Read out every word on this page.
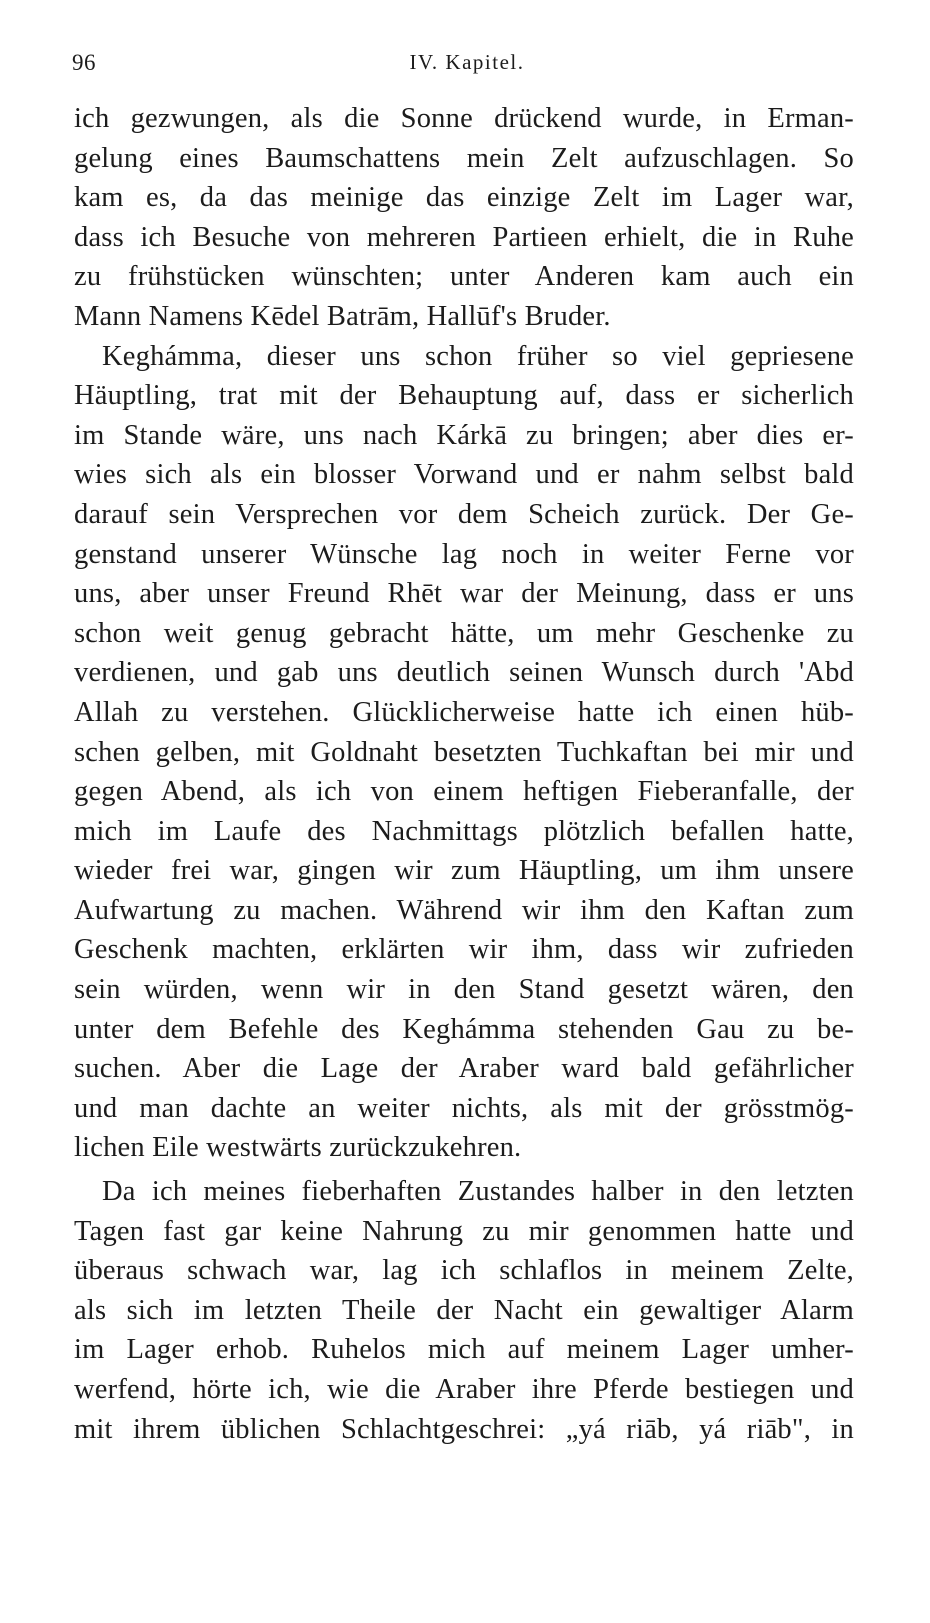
96	IV. Kapitel.
ich gezwungen, als die Sonne drückend wurde, in Erman-
gelung eines Baumschattens mein Zelt aufzuschlagen. So
kam es, da das meinige das einzige Zelt im Lager war,
dass ich Besuche von mehreren Partieen erhielt, die in Ruhe
zu frühstücken wünschten; unter Anderen kam auch ein
Mann Namens Kēdel Batrām, Hallūf's Bruder.
Keghámma, dieser uns schon früher so viel gepriesene
Häuptling, trat mit der Behauptung auf, dass er sicherlich
im Stande wäre, uns nach Kárkā zu bringen; aber dies er-
wies sich als ein blosser Vorwand und er nahm selbst bald
darauf sein Versprechen vor dem Scheich zurück. Der Ge-
genstand unserer Wünsche lag noch in weiter Ferne vor
uns, aber unser Freund Rhēt war der Meinung, dass er uns
schon weit genug gebracht hätte, um mehr Geschenke zu
verdienen, und gab uns deutlich seinen Wunsch durch 'Abd
Allah zu verstehen. Glücklicherweise hatte ich einen hüb-
schen gelben, mit Goldnaht besetzten Tuchkaftan bei mir und
gegen Abend, als ich von einem heftigen Fieberanfalle, der
mich im Laufe des Nachmittags plötzlich befallen hatte,
wieder frei war, gingen wir zum Häuptling, um ihm unsere
Aufwartung zu machen. Während wir ihm den Kaftan zum
Geschenk machten, erklärten wir ihm, dass wir zufrieden
sein würden, wenn wir in den Stand gesetzt wären, den
unter dem Befehle des Keghámma stehenden Gau zu be-
suchen. Aber die Lage der Araber ward bald gefährlicher
und man dachte an weiter nichts, als mit der grösstmög-
lichen Eile westwärts zurückzukehren.
Da ich meines fieberhaften Zustandes halber in den letzten
Tagen fast gar keine Nahrung zu mir genommen hatte und
überaus schwach war, lag ich schlaflos in meinem Zelte,
als sich im letzten Theile der Nacht ein gewaltiger Alarm
im Lager erhob. Ruhelos mich auf meinem Lager umher-
werfend, hörte ich, wie die Araber ihre Pferde bestiegen und
mit ihrem üblichen Schlachtgeschrei: „yá riāb, yá riāb", in
